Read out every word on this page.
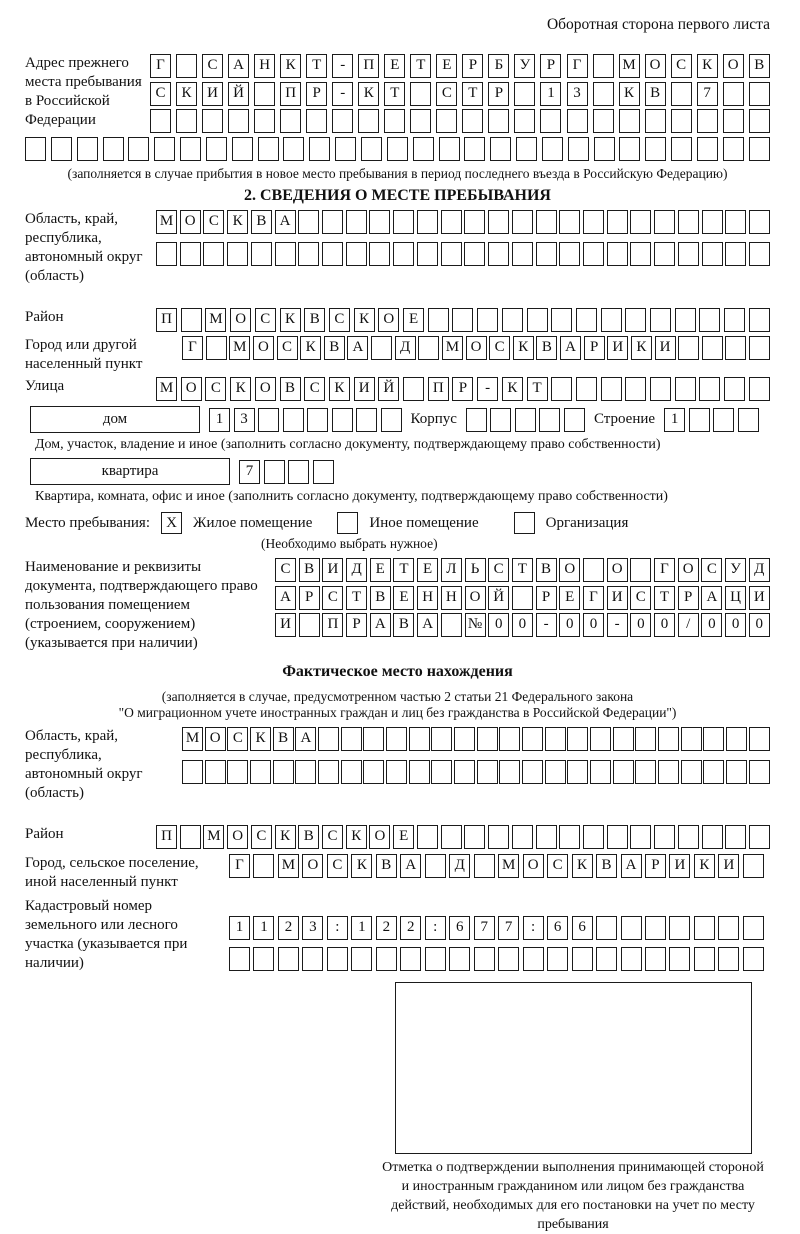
Оборотная сторона первого листа
Адрес прежнего места пребывания в Российской Федерации
Г	С	А	Н	К	Т	-	П	Е	Т	Е	Р	Б	У	Р	Г	М О	С	К	О	В
С	К	И	Й	П	Р	-	К	Т	С	Т	Р	1	3	К	В	7
(заполняется в случае прибытия в новое место пребывания в период последнего въезда в Российскую Федерацию)
2. СВЕДЕНИЯ О МЕСТЕ ПРЕБЫВАНИЯ
Область, край, республика, автономный округ (область)
М О С К В А
Район	П	М О С К В С К О Е
Город или другой населенный пункт
Г	М О С К В А	Д	М О С К В А Р И К И
Улица	М О С К О В С К И Й	П	Р	-	К	Т
дом	1	3	Корпус	Строение	1
Дом, участок, владение и иное (заполнить согласно документу, подтверждающему право собственности)
квартира	7
Квартира, комната, офис и иное (заполнить согласно документу, подтверждающему право собственности)
Место пребывания:	X	Жилое помещение	Иное помещение	Организация
(Необходимо выбрать нужное)
Наименование и реквизиты документа, подтверждающего право пользования помещением (строением, сооружением) (указывается при наличии)
С В И Д Е Т Е Л Ь С Т В О	О	Г О С У Д
А Р С Т В Е Н Н О Й	Р Е Г И С Т Р А Ц И
И	П Р А В А	№ 0	0	-	0	0	-	0	0	/	0	0	0
Фактическое место нахождения
(заполняется в случае, предусмотренном частью 2 статьи 21 Федерального закона
"О миграционном учете иностранных граждан и лиц без гражданства в Российской Федерации")
Область, край, республика, автономный округ (область)
М О С К В А
Район	П	М О С К В С К О Е
Город, сельское поселение, иной населенный пункт
Г	М О С К В А	Д	М О С К В А Р И К И
Кадастровый номер земельного или лесного участка (указывается при наличии)
1	1	2	3	:	1	2	2	:	6	7	7	:	6	6
Отметка о подтверждении выполнения принимающей стороной и иностранным гражданином или лицом без гражданства действий, необходимых для его постановки на учет по месту пребывания
